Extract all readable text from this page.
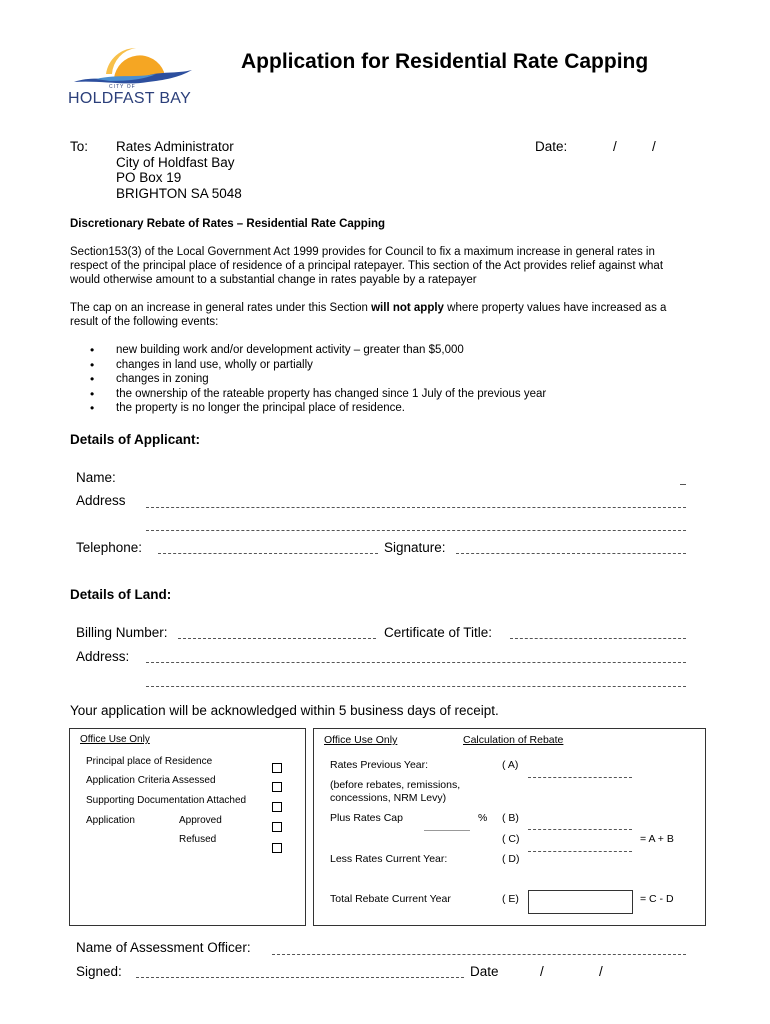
CITY OF
HOLDFAST BAY
Application for Residential Rate Capping
To: Rates Administrator
City of Holdfast Bay
PO Box 19
BRIGHTON SA 5048
Date:	/	/
Discretionary Rebate of Rates – Residential Rate Capping
Section153(3) of the Local Government Act 1999 provides for Council to fix a maximum increase in general rates in respect of the principal place of residence of a principal ratepayer. This section of the Act provides relief against what would otherwise amount to a substantial change in rates payable by a ratepayer
The cap on an increase in general rates under this Section will not apply where property values have increased as a result of the following events:
• new building work and/or development activity – greater than $5,000
• changes in land use, wholly or partially
• changes in zoning
• the ownership of the rateable property has changed since 1 July of the previous year
• the property is no longer the principal place of residence.
Details of Applicant:
Name:
Address
Telephone:	Signature:
Details of Land:
Billing Number:	Certificate of Title:
Address:
Your application will be acknowledged within 5 business days of receipt.
Office Use Only
Principal place of Residence
Application Criteria Assessed
Supporting Documentation Attached
Application	Approved
Refused
Office Use Only	Calculation of Rebate
Rates Previous Year:	( A)
(before rebates, remissions, concessions, NRM Levy)
Plus Rates Cap	% ( B)
( C)	= A + B
Less Rates Current Year:	( D)
Total Rebate Current Year	( E)	= C - D
Name of Assessment Officer:
Signed:	Date	/	/
